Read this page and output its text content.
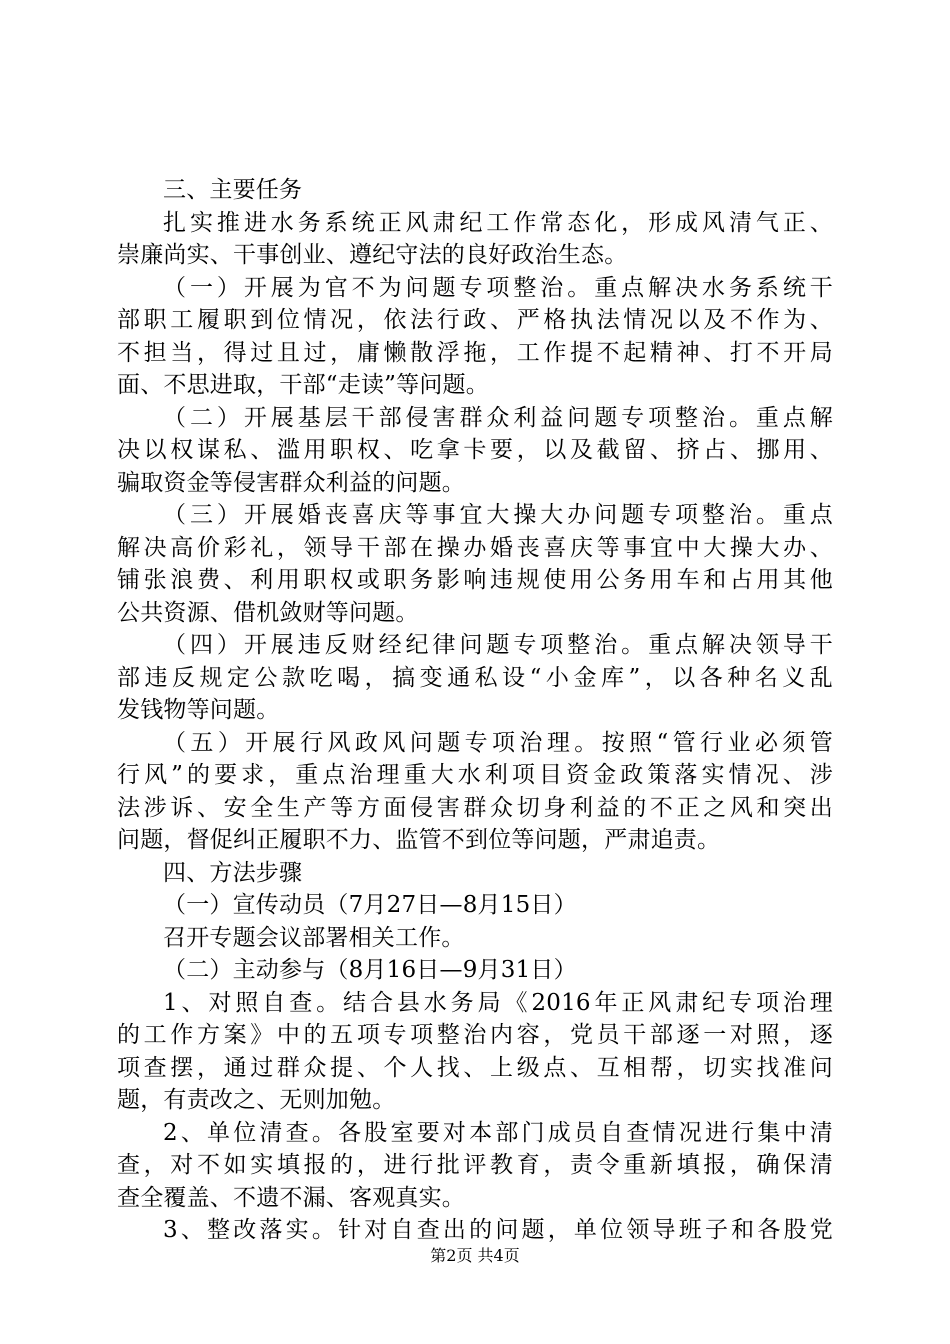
三、主要任务
扎实推进水务系统正风肃纪工作常态化，形成风清气正、
崇廉尚实、干事创业、遵纪守法的良好政治生态。
（一）开展为官不为问题专项整治。重点解决水务系统干
部职工履职到位情况，依法行政、严格执法情况以及不作为、
不担当，得过且过，庸懒散浮拖，工作提不起精神、打不开局
面、不思进取，干部“走读”等问题。
（二）开展基层干部侵害群众利益问题专项整治。重点解
决以权谋私、滥用职权、吃拿卡要，以及截留、挤占、挪用、
骗取资金等侵害群众利益的问题。
（三）开展婚丧喜庆等事宜大操大办问题专项整治。重点
解决高价彩礼，领导干部在操办婚丧喜庆等事宜中大操大办、
铺张浪费、利用职权或职务影响违规使用公务用车和占用其他
公共资源、借机敛财等问题。
（四）开展违反财经纪律问题专项整治。重点解决领导干
部违反规定公款吃喝，搞变通私设“小金库”，以各种名义乱
发钱物等问题。
（五）开展行风政风问题专项治理。按照“管行业必须管
行风”的要求，重点治理重大水利项目资金政策落实情况、涉
法涉诉、安全生产等方面侵害群众切身利益的不正之风和突出
问题，督促纠正履职不力、监管不到位等问题，严肃追责。
四、方法步骤
（一）宣传动员（7月27日—8月15日）
召开专题会议部署相关工作。
（二）主动参与（8月16日—9月31日）
1、对照自查。结合县水务局《2016年正风肃纪专项治理
的工作方案》中的五项专项整治内容，党员干部逐一对照，逐
项查摆，通过群众提、个人找、上级点、互相帮，切实找准问
题，有责改之、无则加勉。
2、单位清查。各股室要对本部门成员自查情况进行集中清
查，对不如实填报的，进行批评教育，责令重新填报，确保清
查全覆盖、不遗不漏、客观真实。
3、整改落实。针对自查出的问题，单位领导班子和各股党
第2页 共4页
